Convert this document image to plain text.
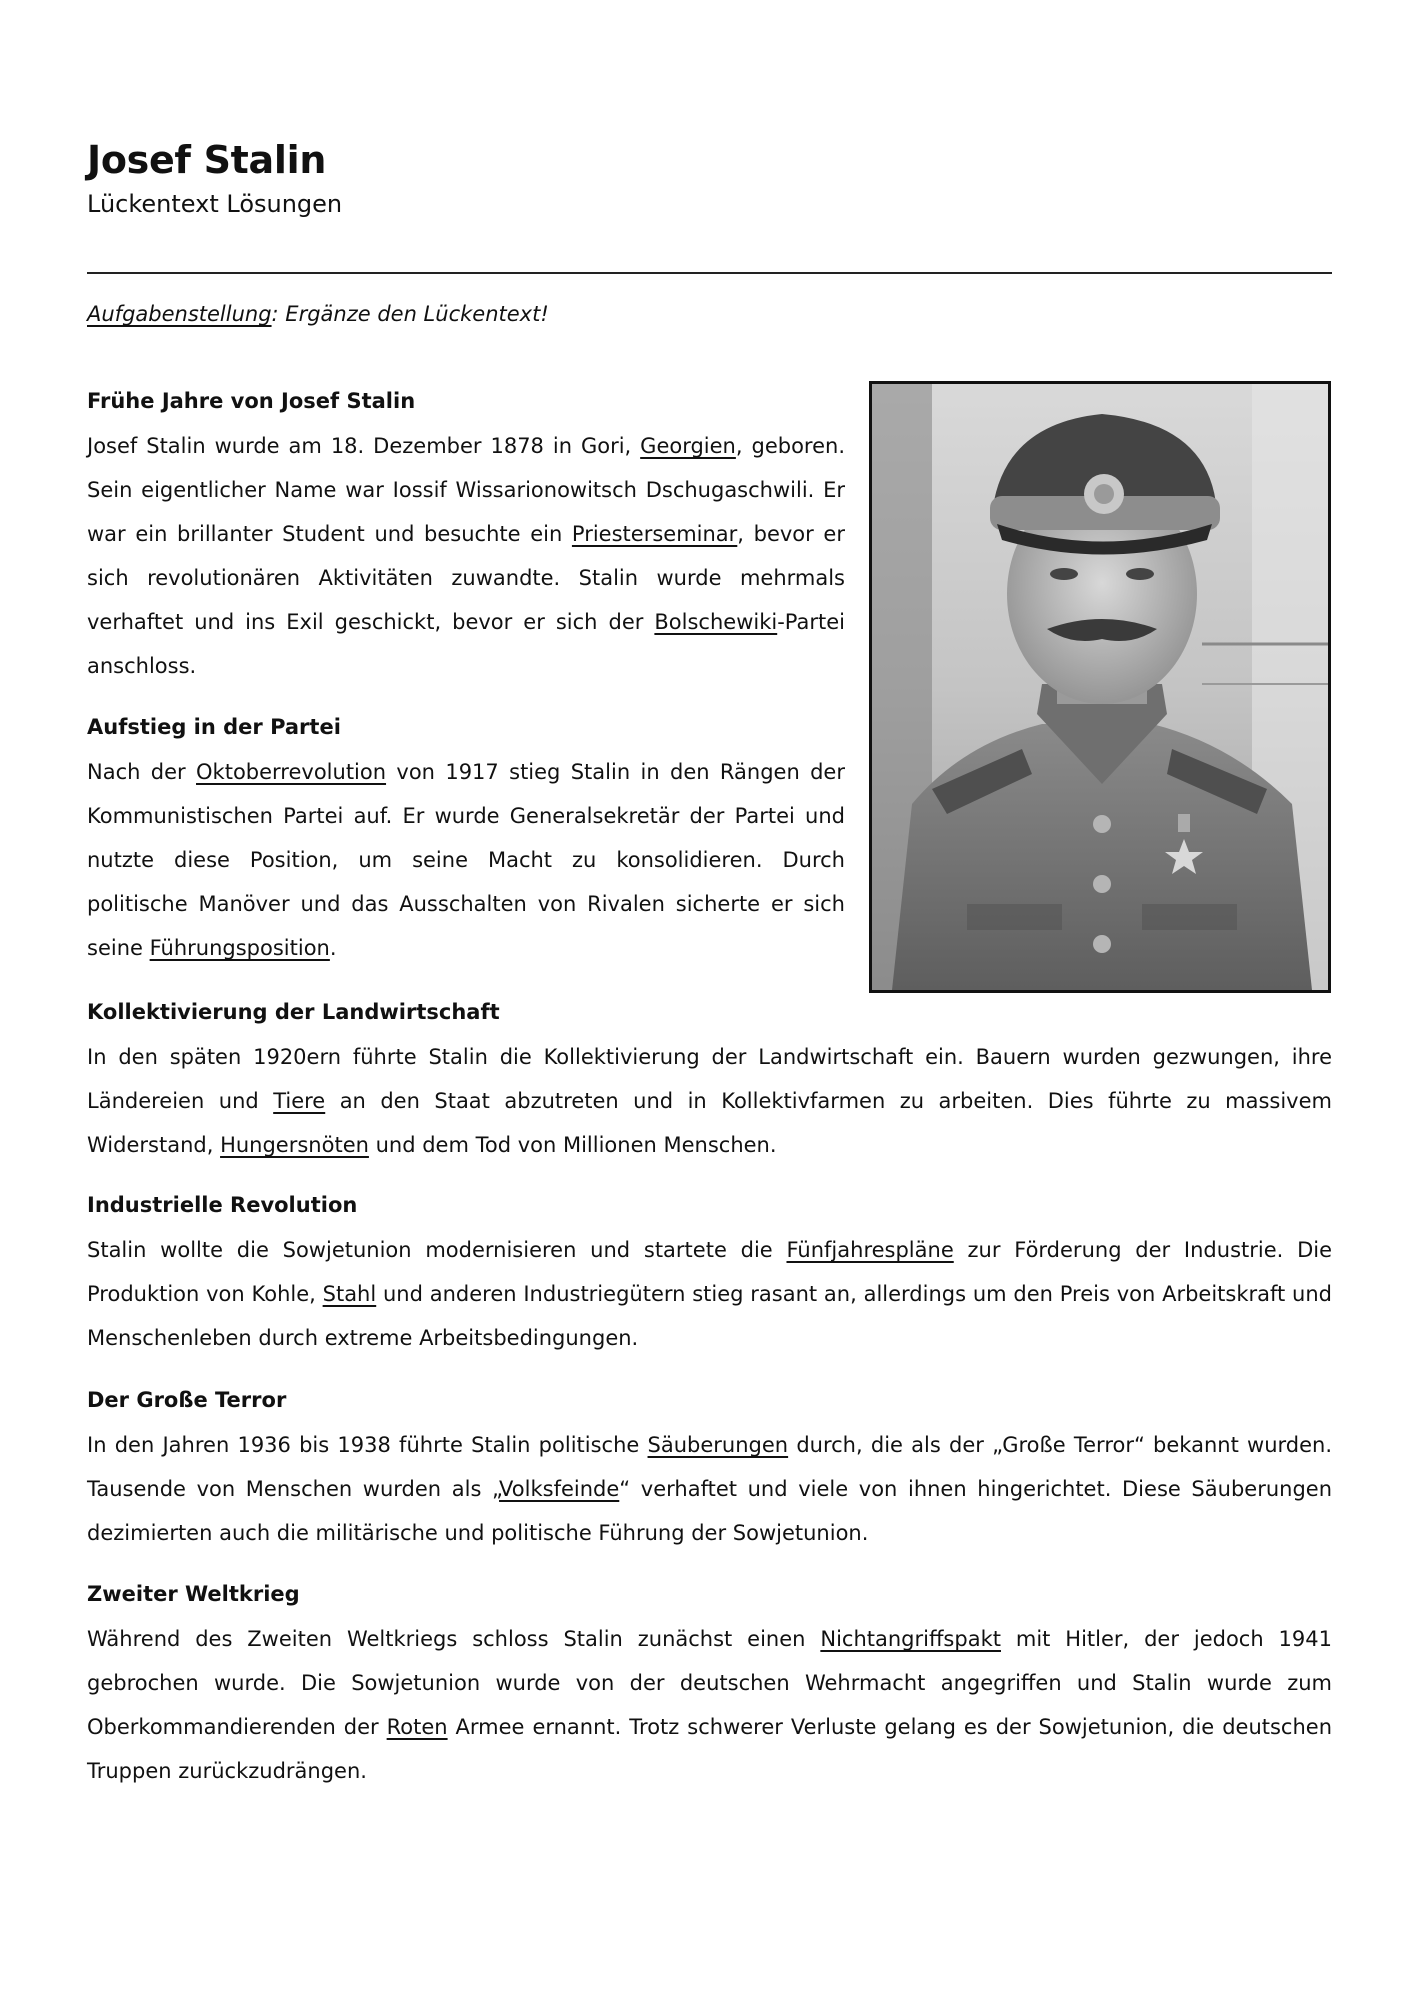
Josef Stalin
Lückentext Lösungen
Aufgabenstellung: Ergänze den Lückentext!
Frühe Jahre von Josef Stalin

Josef Stalin wurde am 18. Dezember 1878 in Gori, Georgien, geboren. Sein eigentlicher Name war Iossif Wissarionowitsch Dschugaschwili. Er war ein brillanter Student und besuchte ein Priesterseminar, bevor er sich revolutionären Aktivitäten zuwandte. Stalin wurde mehrmals verhaftet und ins Exil geschickt, bevor er sich der Bolschewiki-Partei anschloss.

Aufstieg in der Partei

Nach der Oktoberrevolution von 1917 stieg Stalin in den Rängen der Kommunistischen Partei auf. Er wurde Generalsekretär der Partei und nutzte diese Position, um seine Macht zu konsolidieren. Durch politische Manöver und das Ausschalten von Rivalen sicherte er sich seine Führungsposition.

Kollektivierung der Landwirtschaft

In den späten 1920ern führte Stalin die Kollektivierung der Landwirtschaft ein. Bauern wurden gezwungen, ihre Ländereien und Tiere an den Staat abzutreten und in Kollektivfarmen zu arbeiten. Dies führte zu massivem Widerstand, Hungersnöten und dem Tod von Millionen Menschen.

Industrielle Revolution

Stalin wollte die Sowjetunion modernisieren und startete die Fünfjahrespläne zur Förderung der Industrie. Die Produktion von Kohle, Stahl und anderen Industriegütern stieg rasant an, allerdings um den Preis von Arbeitskraft und Menschenleben durch extreme Arbeitsbedingungen.

Der Große Terror

In den Jahren 1936 bis 1938 führte Stalin politische Säuberungen durch, die als der „Große Terror“ bekannt wurden. Tausende von Menschen wurden als „Volksfeinde“ verhaftet und viele von ihnen hingerichtet. Diese Säuberungen dezimierten auch die militärische und politische Führung der Sowjetunion.

Zweiter Weltkrieg

Während des Zweiten Weltkriegs schloss Stalin zunächst einen Nichtangriffspakt mit Hitler, der jedoch 1941 gebrochen wurde. Die Sowjetunion wurde von der deutschen Wehrmacht angegriffen und Stalin wurde zum Oberkommandierenden der Roten Armee ernannt. Trotz schwerer Verluste gelang es der Sowjetunion, die deutschen Truppen zurückzudrängen.
